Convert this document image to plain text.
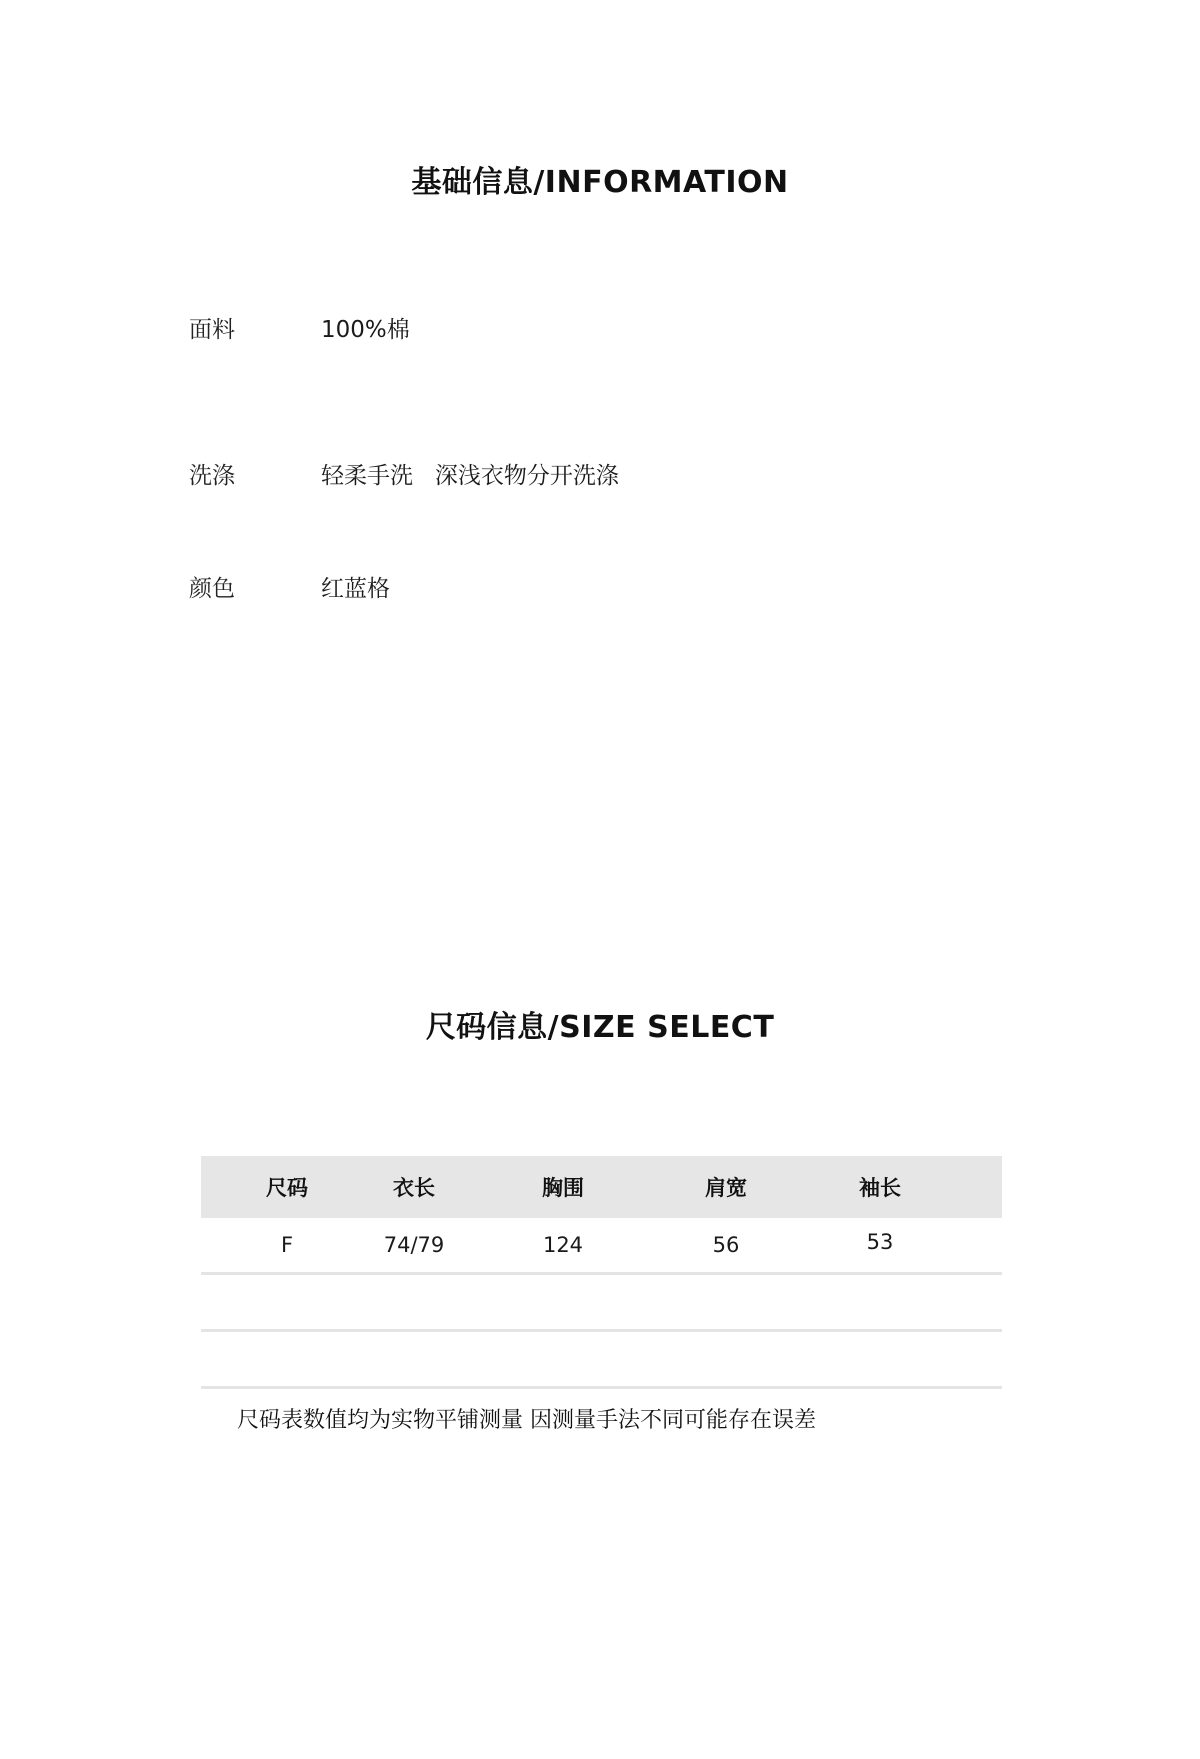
基础信息/INFORMATION
面料	100%棉
洗涤	轻柔手洗   深浅衣物分开洗涤
颜色	红蓝格
尺码信息/SIZE SELECT
尺码	衣长	胸围	肩宽	袖长
F	74/79	124	56	53
尺码表数值均为实物平铺测量 因测量手法不同可能存在误差
